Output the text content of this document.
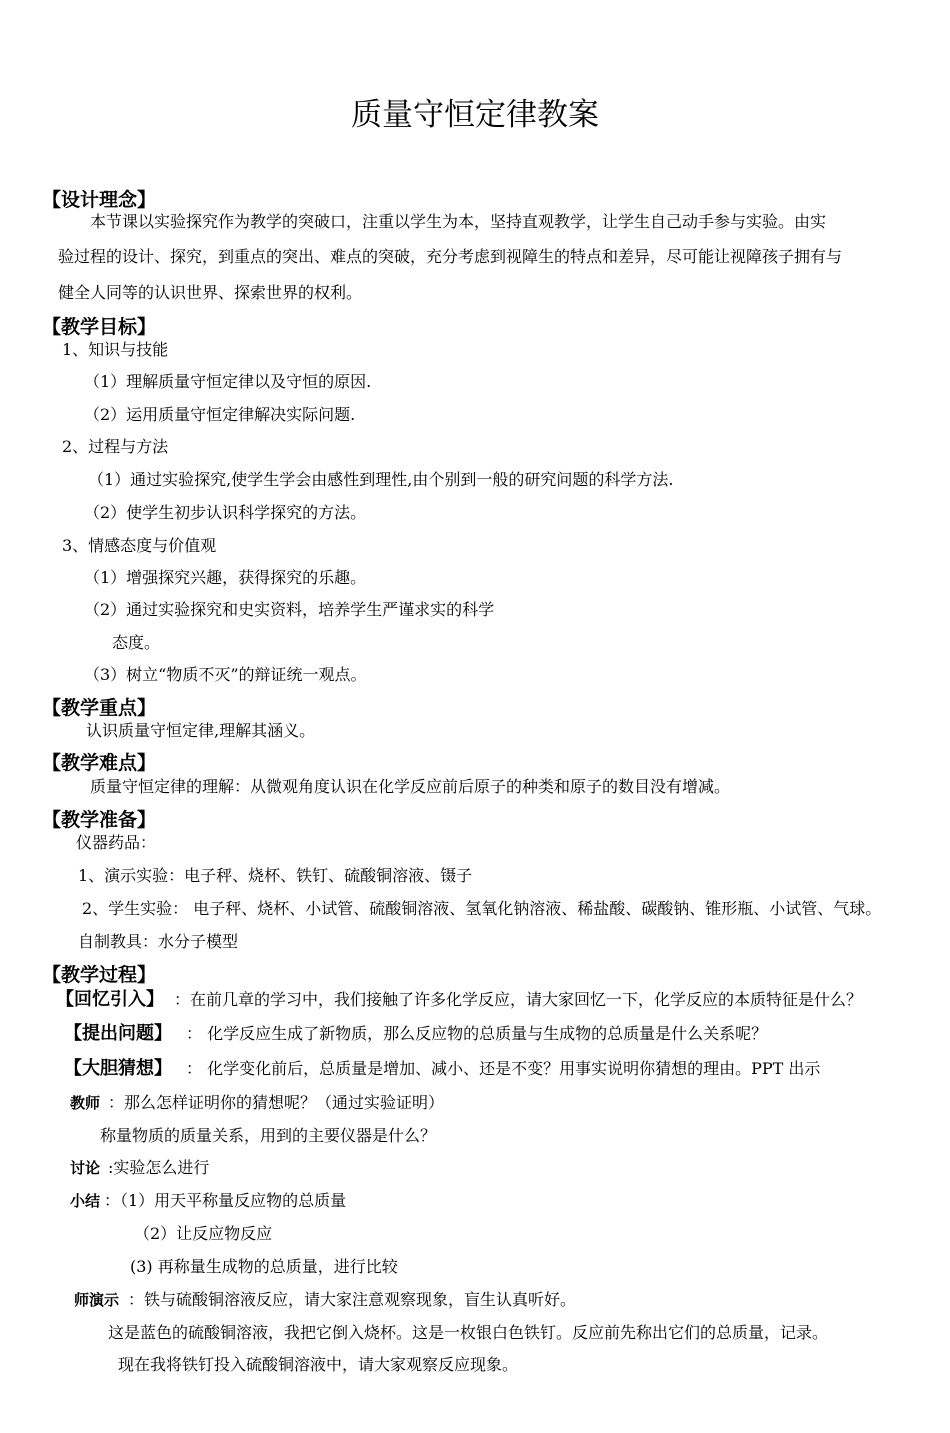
质量守恒定律教案
【设计理念】
本节课以实验探究作为教学的突破口，注重以学生为本，坚持直观教学，让学生自己动手参与实验。由实
验过程的设计、探究，到重点的突出、难点的突破，充分考虑到视障生的特点和差异，尽可能让视障孩子拥有与
健全人同等的认识世界、探索世界的权利。
【教学目标】
1、知识与技能
（1）理解质量守恒定律以及守恒的原因.
（2）运用质量守恒定律解决实际问题.
2、过程与方法
（1）通过实验探究,使学生学会由感性到理性,由个别到一般的研究问题的科学方法.
（2）使学生初步认识科学探究的方法。
3、情感态度与价值观
（1）增强探究兴趣，获得探究的乐趣。
（2）通过实验探究和史实资料，培养学生严谨求实的科学
态度。
（3）树立“物质不灭”的辩证统一观点。
【教学重点】
认识质量守恒定律,理解其涵义。
【教学难点】
质量守恒定律的理解：从微观角度认识在化学反应前后原子的种类和原子的数目没有增减。
【教学准备】
仪器药品：
1、演示实验：电子秤、烧杯、铁钉、硫酸铜溶液、镊子
2、学生实验： 电子秤、烧杯、小试管、硫酸铜溶液、氢氧化钠溶液、稀盐酸、碳酸钠、锥形瓶、小试管、气球。
自制教具：水分子模型
【教学过程】
【回忆引入】 ：在前几章的学习中，我们接触了许多化学反应，请大家回忆一下，化学反应的本质特征是什么？
【提出问题】 ： 化学反应生成了新物质，那么反应物的总质量与生成物的总质量是什么关系呢？
【大胆猜想】 ： 化学变化前后，总质量是增加、减小、还是不变？用事实说明你猜想的理由。PPT 出示
教师 ：那么怎样证明你的猜想呢？（通过实验证明）
称量物质的质量关系，用到的主要仪器是什么？
讨论 :实验怎么进行
小结 ：（1）用天平称量反应物的总质量
（2）让反应物反应
(3) 再称量生成物的总质量，进行比较
师演示 ：铁与硫酸铜溶液反应，请大家注意观察现象，盲生认真听好。
这是蓝色的硫酸铜溶液，我把它倒入烧杯。这是一枚银白色铁钉。反应前先称出它们的总质量，记录。
现在我将铁钉投入硫酸铜溶液中，请大家观察反应现象。
